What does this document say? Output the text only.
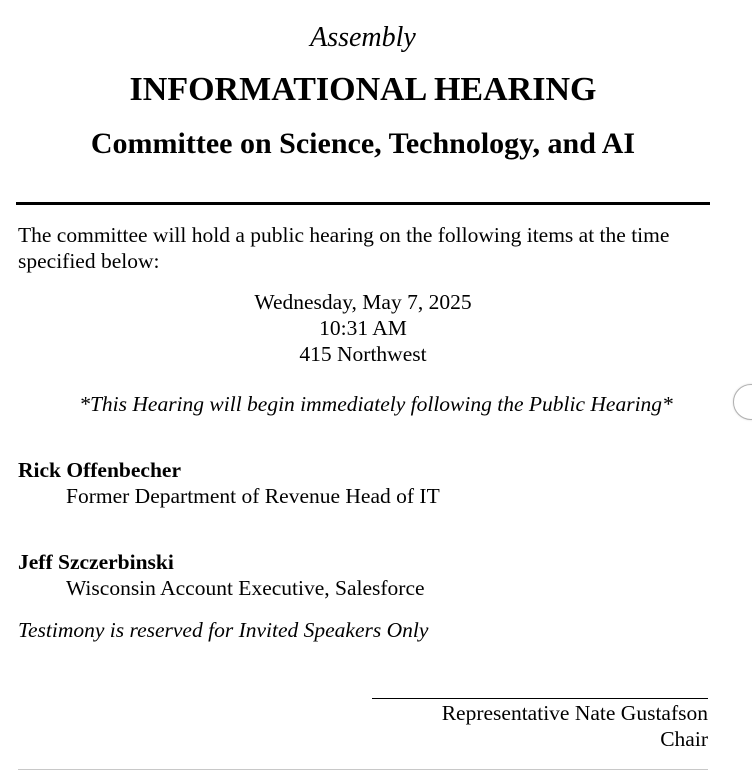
Assembly
INFORMATIONAL HEARING
Committee on Science, Technology, and AI
The committee will hold a public hearing on the following items at the time specified below:
Wednesday, May 7, 2025
10:31 AM
415 Northwest
*This Hearing will begin immediately following the Public Hearing*
Rick Offenbecher
Former Department of Revenue Head of IT
Jeff Szczerbinski
Wisconsin Account Executive, Salesforce
Testimony is reserved for Invited Speakers Only
Representative Nate Gustafson
Chair
